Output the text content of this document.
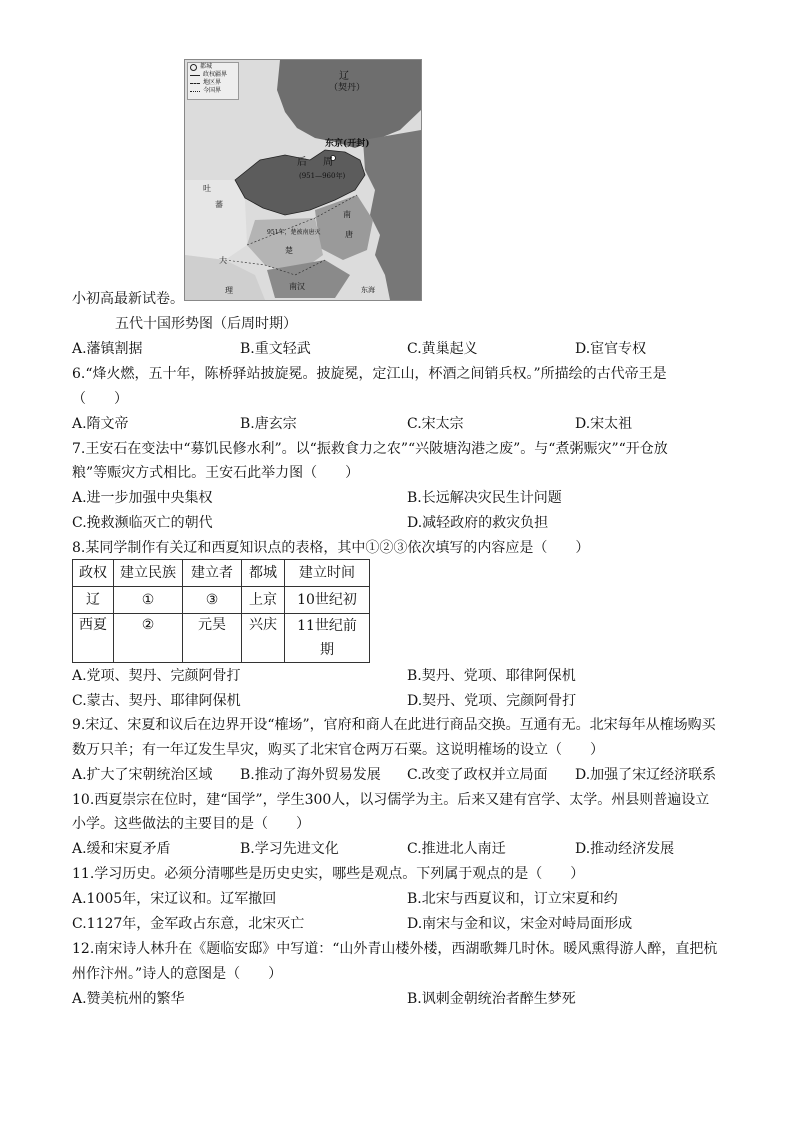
都城
政权疆界
地区界
今国界
辽
（契丹）
东京(开封)
后 周
(951—960年)
吐
蕃
南
唐
951年，楚被南唐灭
楚
大
理	南汉	东海
小初高最新试卷。
五代十国形势图（后周时期）
A.藩镇割据	B.重文轻武	C.黄巢起义	D.宦官专权
6.“烽火燃，五十年，陈桥驿站披旋冕。披旋冕，定江山，杯酒之间销兵权。”所描绘的古代帝王是
（　　）
A.隋文帝	B.唐玄宗	C.宋太宗	D.宋太祖
7.王安石在变法中“募饥民修水利”。以“振救食力之农”“兴陂塘沟港之废”。与“煮粥赈灾”“开仓放
粮”等赈灾方式相比。王安石此举力图（　　）
A.进一步加强中央集权	B.长远解决灾民生计问题
C.挽救濒临灭亡的朝代	D.减轻政府的救灾负担
8.某同学制作有关辽和西夏知识点的表格，其中①②③依次填写的内容应是（　　）
政权	建立民族	建立者	都城	建立时间
辽	①	③	上京	10世纪初
西夏	②	元昊	兴庆	11世纪前
期
A.党项、契丹、完颜阿骨打	B.契丹、党项、耶律阿保机
C.蒙古、契丹、耶律阿保机	D.契丹、党项、完颜阿骨打
9.宋辽、宋夏和议后在边界开设“榷场”，官府和商人在此进行商品交换。互通有无。北宋每年从榷场购买
数万只羊；有一年辽发生旱灾，购买了北宋官仓两万石粟。这说明榷场的设立（　　）
A.扩大了宋朝统治区域 B.推动了海外贸易发展 C.改变了政权并立局面 D.加强了宋辽经济联系
10.西夏崇宗在位时，建“国学”，学生300人，以习儒学为主。后来又建有宫学、太学。州县则普遍设立
小学。这些做法的主要目的是（　　）
A.缓和宋夏矛盾	B.学习先进文化	C.推进北人南迁	D.推动经济发展
11.学习历史。必须分清哪些是历史史实，哪些是观点。下列属于观点的是（　　）
A.1005年，宋辽议和。辽军撤回	B.北宋与西夏议和，订立宋夏和约
C.1127年，金军政占东意，北宋灭亡	D.南宋与金和议，宋金对峙局面形成
12.南宋诗人林升在《题临安邸》中写道：“山外青山楼外楼，西湖歌舞几时休。暖风熏得游人醉，直把杭
州作汴州。”诗人的意图是（　　）
A.赞美杭州的繁华	B.讽刺金朝统治者醉生梦死
